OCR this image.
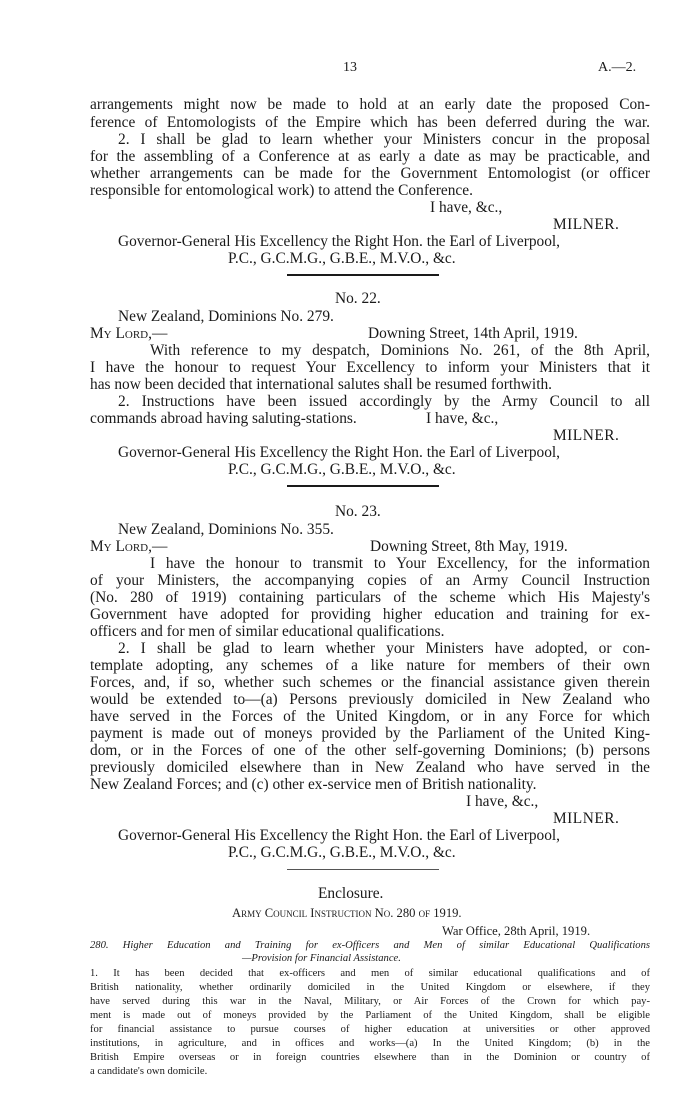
13	A.—2.
arrangements might now be made to hold at an early date the proposed Con-
ference of Entomologists of the Empire which has been deferred during the war.
2. I shall be glad to learn whether your Ministers concur in the proposal
for the assembling of a Conference at as early a date as may be practicable, and
whether arrangements can be made for the Government Entomologist (or officer
responsible for entomological work) to attend the Conference.
I have, &c.,
MILNER.
Governor-General His Excellency the Right Hon. the Earl of Liverpool,
P.C., G.C.M.G., G.B.E., M.V.O., &c.
No. 22.
New Zealand, Dominions No. 279.
My Lord,—	Downing Street, 14th April, 1919.
With reference to my despatch, Dominions No. 261, of the 8th April,
I have the honour to request Your Excellency to inform your Ministers that it
has now been decided that international salutes shall be resumed forthwith.
2. Instructions have been issued accordingly by the Army Council to all
commands abroad having saluting-stations.	I have, &c.,
MILNER.
Governor-General His Excellency the Right Hon. the Earl of Liverpool,
P.C., G.C.M.G., G.B.E., M.V.O., &c.
No. 23.
New Zealand, Dominions No. 355.
My Lord,—	Downing Street, 8th May, 1919.
I have the honour to transmit to Your Excellency, for the information
of your Ministers, the accompanying copies of an Army Council Instruction
(No. 280 of 1919) containing particulars of the scheme which His Majesty's
Government have adopted for providing higher education and training for ex-
officers and for men of similar educational qualifications.
2. I shall be glad to learn whether your Ministers have adopted, or con-
template adopting, any schemes of a like nature for members of their own
Forces, and, if so, whether such schemes or the financial assistance given therein
would be extended to—(a) Persons previously domiciled in New Zealand who
have served in the Forces of the United Kingdom, or in any Force for which
payment is made out of moneys provided by the Parliament of the United King-
dom, or in the Forces of one of the other self-governing Dominions; (b) persons
previously domiciled elsewhere than in New Zealand who have served in the
New Zealand Forces; and (c) other ex-service men of British nationality.
I have, &c.,
MILNER.
Governor-General His Excellency the Right Hon. the Earl of Liverpool,
P.C., G.C.M.G., G.B.E., M.V.O., &c.
Enclosure.
Army Council Instruction No. 280 of 1919.
War Office, 28th April, 1919.
280. Higher Education and Training for ex-Officers and Men of similar Educational Qualifications
—Provision for Financial Assistance.
1. It has been decided that ex-officers and men of similar educational qualifications and of
British nationality, whether ordinarily domiciled in the United Kingdom or elsewhere, if they
have served during this war in the Naval, Military, or Air Forces of the Crown for which pay-
ment is made out of moneys provided by the Parliament of the United Kingdom, shall be eligible
for financial assistance to pursue courses of higher education at universities or other approved
institutions, in agriculture, and in offices and works—(a) In the United Kingdom; (b) in the
British Empire overseas or in foreign countries elsewhere than in the Dominion or country of
a candidate's own domicile.
